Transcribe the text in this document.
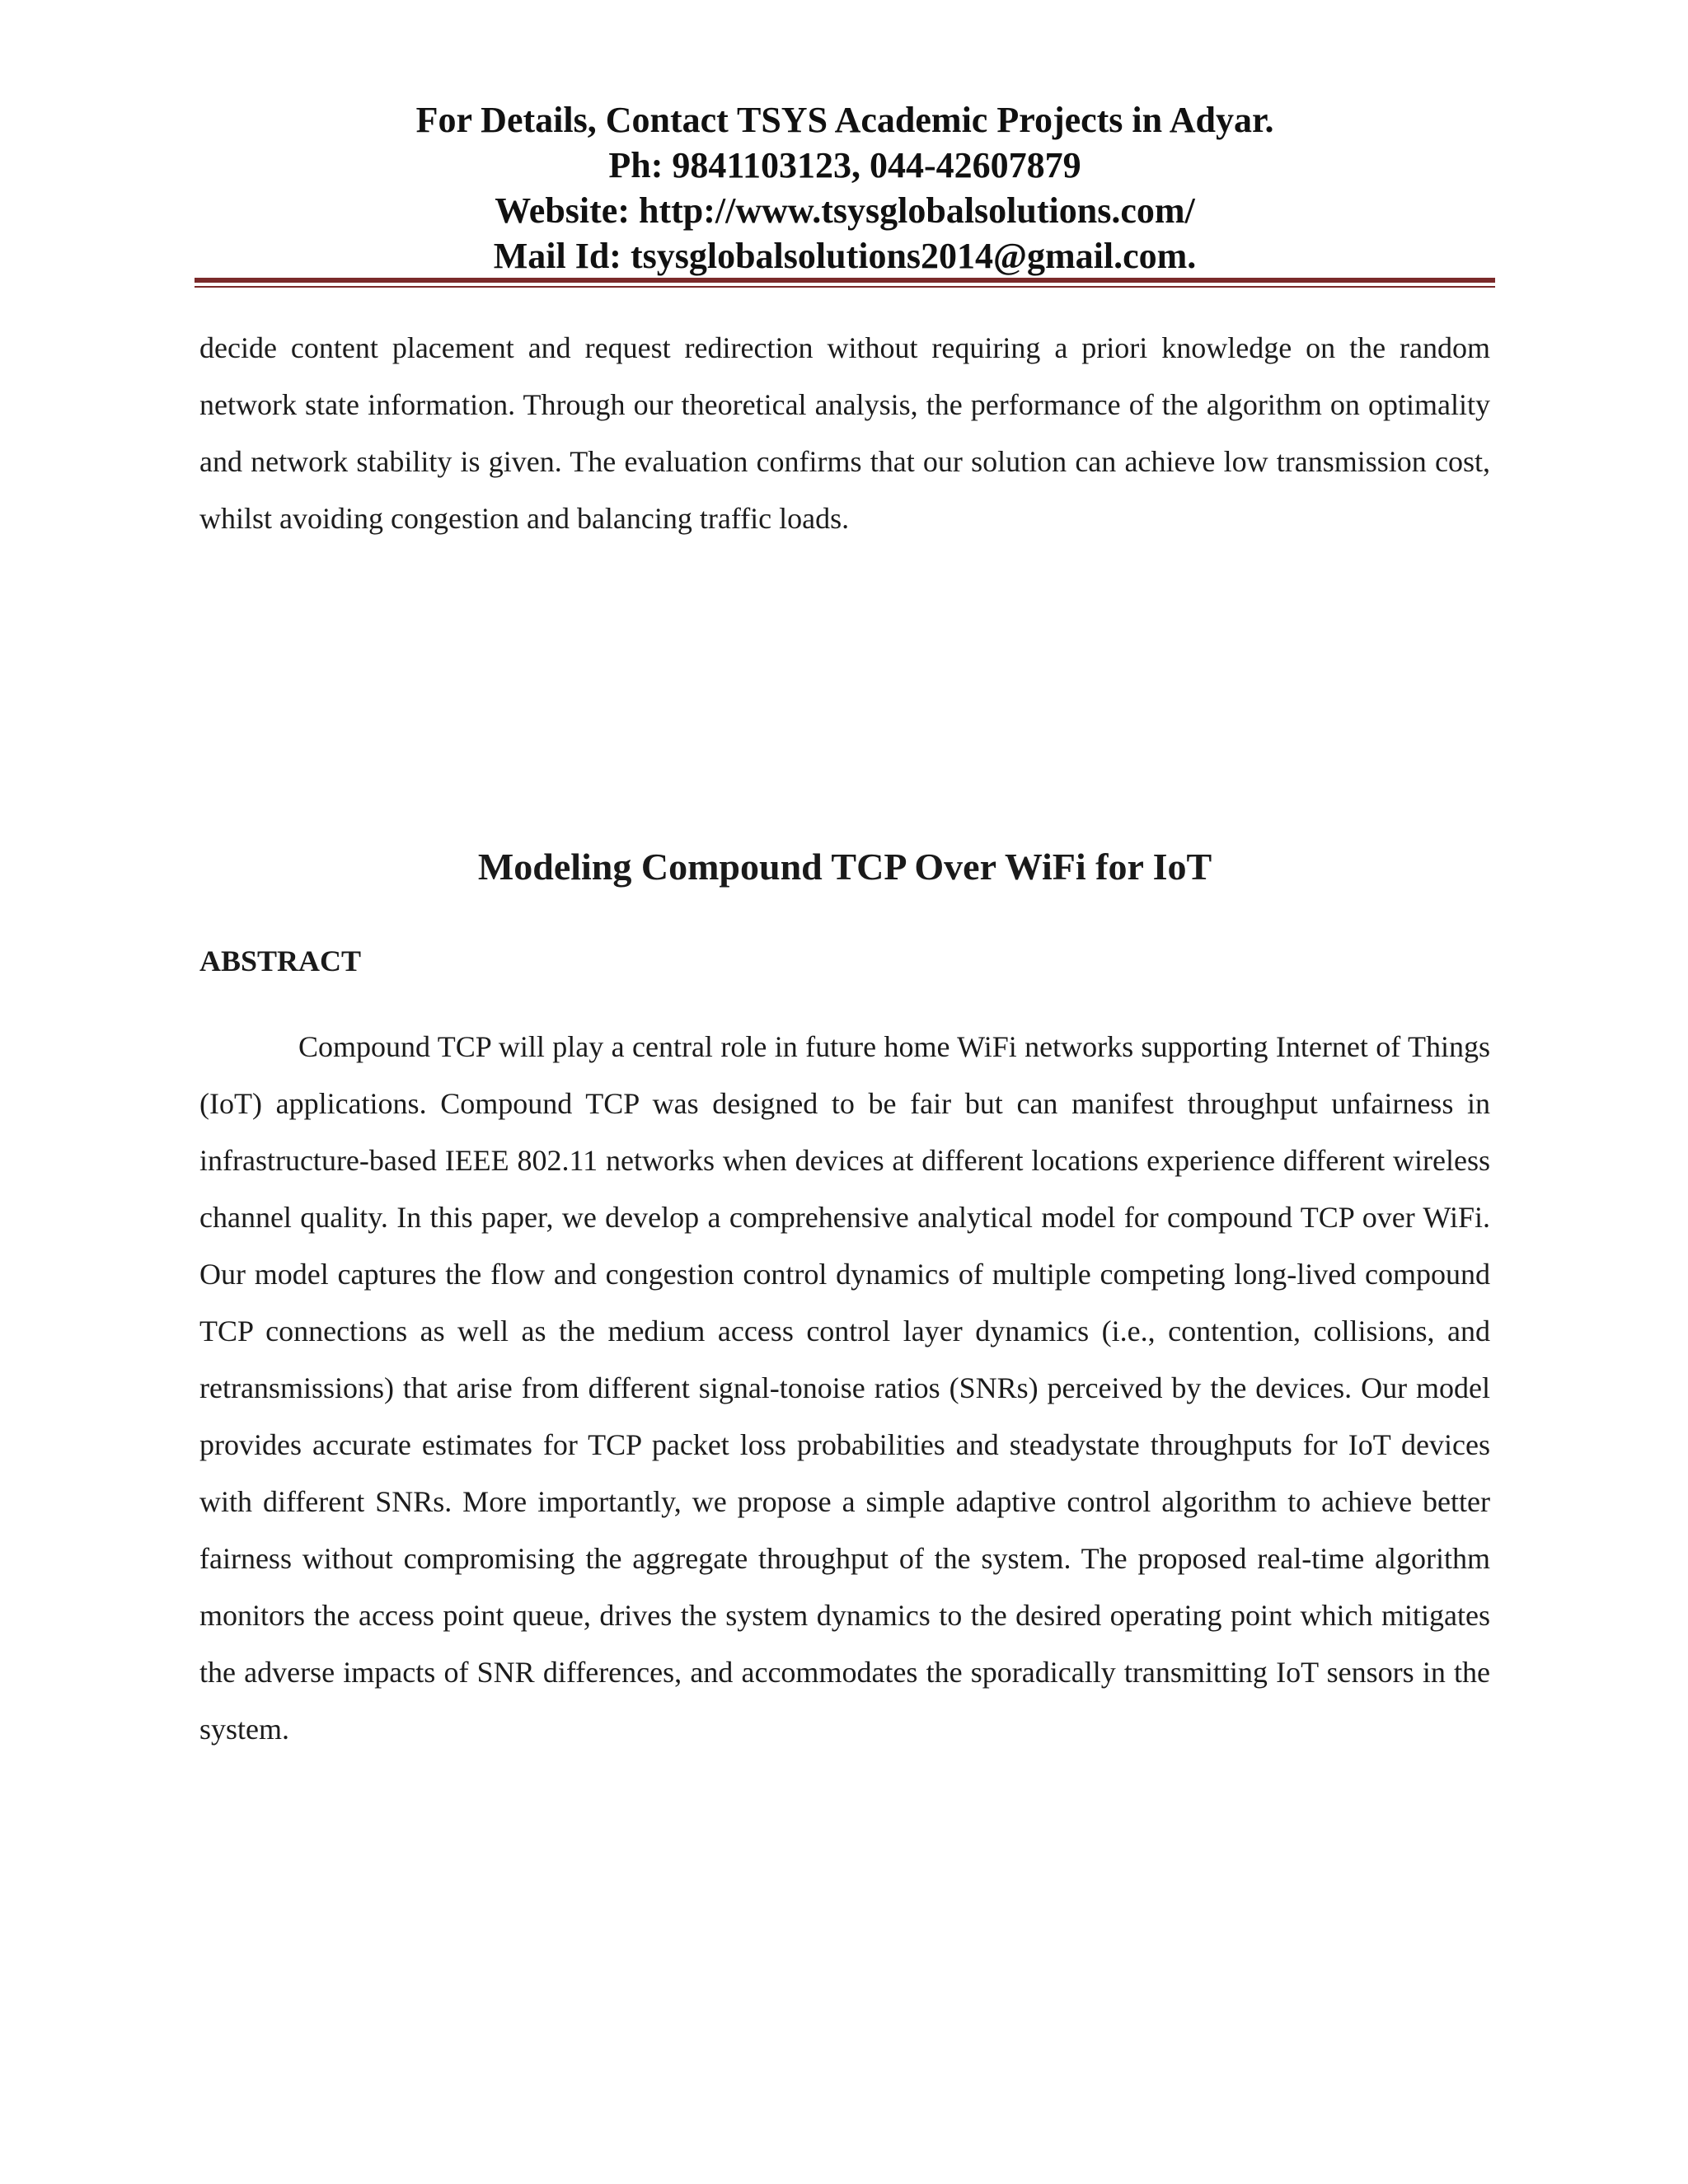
For Details, Contact TSYS Academic Projects in Adyar.
Ph: 9841103123, 044-42607879
Website: http://www.tsysglobalsolutions.com/
Mail Id: tsysglobalsolutions2014@gmail.com.

decide content placement and request redirection without requiring a priori knowledge on the random network state information. Through our theoretical analysis, the performance of the algorithm on optimality and network stability is given. The evaluation confirms that our solution can achieve low transmission cost, whilst avoiding congestion and balancing traffic loads.

Modeling Compound TCP Over WiFi for IoT
ABSTRACT

Compound TCP will play a central role in future home WiFi networks supporting Internet of Things (IoT) applications. Compound TCP was designed to be fair but can manifest throughput unfairness in infrastructure-based IEEE 802.11 networks when devices at different locations experience different wireless channel quality. In this paper, we develop a comprehensive analytical model for compound TCP over WiFi. Our model captures the flow and congestion control dynamics of multiple competing long-lived compound TCP connections as well as the medium access control layer dynamics (i.e., contention, collisions, and retransmissions) that arise from different signal-tonoise ratios (SNRs) perceived by the devices. Our model provides accurate estimates for TCP packet loss probabilities and steadystate throughputs for IoT devices with different SNRs. More importantly, we propose a simple adaptive control algorithm to achieve better fairness without compromising the aggregate throughput of the system. The proposed real-time algorithm monitors the access point queue, drives the system dynamics to the desired operating point which mitigates the adverse impacts of SNR differences, and accommodates the sporadically transmitting IoT sensors in the system.
